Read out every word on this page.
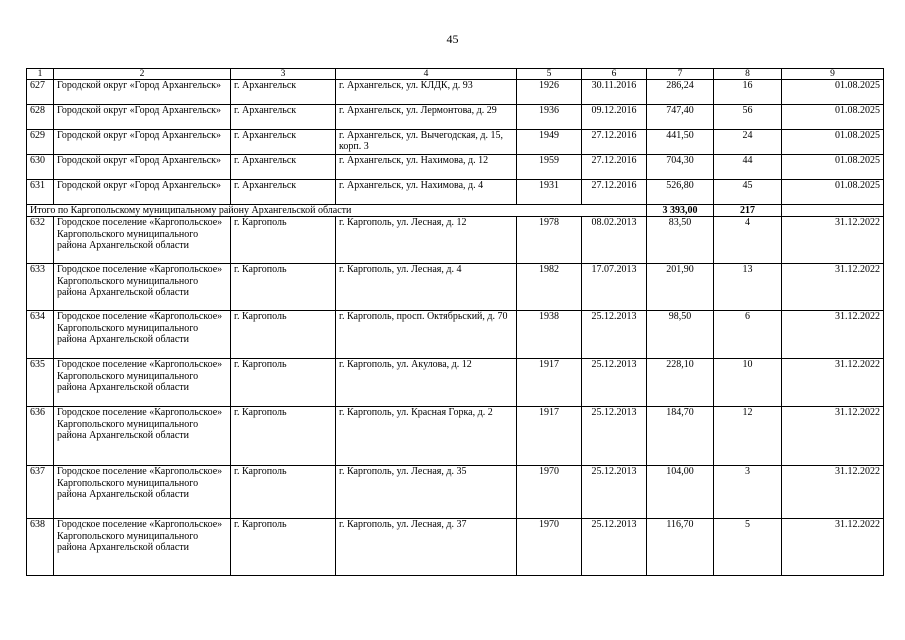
45
1	2	3	4	5	6	7	8	9
627	Городской округ «Город Архангельск»	г. Архангельск	г. Архангельск, ул. КЛДК, д. 93	1926	30.11.2016	286,24	16	01.08.2025
628	Городской округ «Город Архангельск»	г. Архангельск	г. Архангельск, ул. Лермонтова, д. 29	1936	09.12.2016	747,40	56	01.08.2025
629	Городской округ «Город Архангельск»	г. Архангельск	г. Архангельск, ул. Вычегодская, д. 15, корп. 3	1949	27.12.2016	441,50	24	01.08.2025
630	Городской округ «Город Архангельск»	г. Архангельск	г. Архангельск, ул. Нахимова, д. 12	1959	27.12.2016	704,30	44	01.08.2025
631	Городской округ «Город Архангельск»	г. Архангельск	г. Архангельск, ул. Нахимова, д. 4	1931	27.12.2016	526,80	45	01.08.2025
Итого по Каргопольскому муниципальному району Архангельской области						3 393,00	217	
632	Городское поселение «Каргопольское» Каргопольского муниципального района Архангельской области	г. Каргополь	г. Каргополь, ул. Лесная, д. 12	1978	08.02.2013	83,50	4	31.12.2022
633	Городское поселение «Каргопольское» Каргопольского муниципального района Архангельской области	г. Каргополь	г. Каргополь, ул. Лесная, д. 4	1982	17.07.2013	201,90	13	31.12.2022
634	Городское поселение «Каргопольское» Каргопольского муниципального района Архангельской области	г. Каргополь	г. Каргополь, просп. Октябрьский, д. 70	1938	25.12.2013	98,50	6	31.12.2022
635	Городское поселение «Каргопольское» Каргопольского муниципального района Архангельской области	г. Каргополь	г. Каргополь, ул. Акулова, д. 12	1917	25.12.2013	228,10	10	31.12.2022
636	Городское поселение «Каргопольское» Каргопольского муниципального района Архангельской области	г. Каргополь	г. Каргополь, ул. Красная Горка, д. 2	1917	25.12.2013	184,70	12	31.12.2022
637	Городское поселение «Каргопольское» Каргопольского муниципального района Архангельской области	г. Каргополь	г. Каргополь, ул. Лесная, д. 35	1970	25.12.2013	104,00	3	31.12.2022
638	Городское поселение «Каргопольское» Каргопольского муниципального района Архангельской области	г. Каргополь	г. Каргополь, ул. Лесная, д. 37	1970	25.12.2013	116,70	5	31.12.2022
